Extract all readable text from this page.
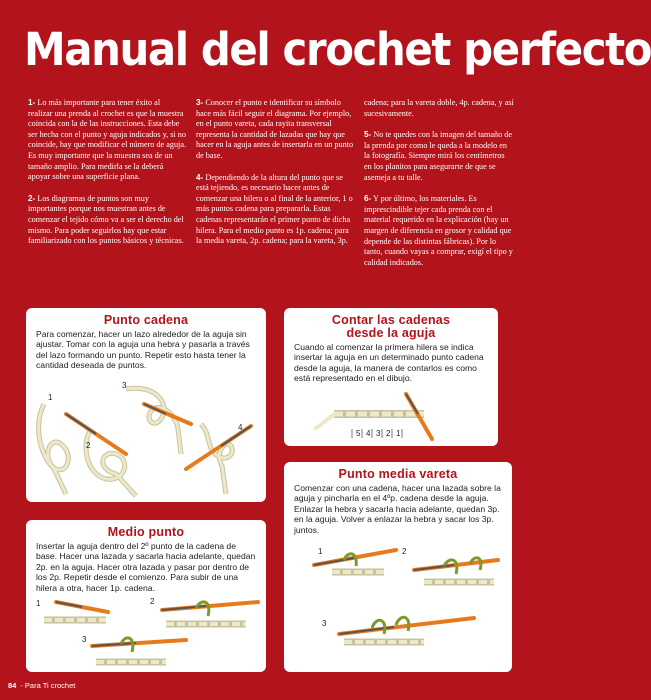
Manual del crochet perfecto

1- Lo más importante para tener éxito al realizar una prenda al crochet es que la muestra coincida con la de las instrucciones. Esta debe ser hecha con el punto y aguja indicados y, si no coincide, hay que modificar el número de aguja. Es muy importante que la muestra sea de un tamaño amplio. Para medirla se la deberá apoyar sobre una superficie plana.

2- Los diagramas de puntos son muy importantes porque nos muestran antes de comenzar el tejido cómo va a ser el derecho del mismo. Para poder seguirlos hay que estar familiarizado con los puntos básicos y técnicas.

3- Conocer el punto e identificar su símbolo hace más fácil seguir el diagrama. Por ejemplo, en el punto vareta, cada rayita transversal representa la cantidad de lazadas que hay que hacer en la aguja antes de insertarla en un punto de base.

4- Dependiendo de la altura del punto que se está tejiendo, es necesario hacer antes de comenzar una hilera o al final de la anterior, 1 o más puntos cadena para prepararla. Estas cadenas representarán el primer punto de dicha hilera. Para el medio punto es 1p. cadena; para la media vareta, 2p. cadena; para la vareta, 3p.

cadena; para la vareta doble, 4p. cadena, y así sucesivamente.

5- No te quedes con la imagen del tamaño de la prenda por como le queda a la modelo en la fotografía. Siempre mirá los centímetros en los planitos para asegurarte de que se asemeja a tu talle.

6- Y por último, los materiales. Es imprescindible tejer cada prenda con el material requerido en la explicación (hay un margen de diferencia en grosor y calidad que depende de las distintas fábricas). Por lo tanto, cuando vayas a comprar, exigí el tipo y calidad indicados.

Punto cadena
Para comenzar, hacer un lazo alrededor de la aguja sin ajustar. Tomar con la aguja una hebra y pasarla a través del lazo formando un punto. Repetir esto hasta tener la cantidad deseada de puntos.
1
2
3
4
Contar las cadenas
desde la aguja
Cuando al comenzar la primera hilera se indica insertar la aguja en un determinado punto cadena desde la aguja, la manera de contarlos es como está representado en el dibujo.
5 4 3 2 1
Punto media vareta
Comenzar con una cadena, hacer una lazada sobre la aguja y pincharla en el 4ºp. cadena desde la aguja. Enlazar la hebra y sacarla hacia adelante, quedan 3p. en la aguja. Volver a enlazar la hebra y sacar los 3p. juntos.
1	2
3
Medio punto
Insertar la aguja dentro del 2º punto de la cadena de base. Hacer una lazada y sacarla hacia adelante, quedan 2p. en la aguja. Hacer otra lazada y pasar por dentro de los 2p. Repetir desde el comienzo. Para subir de una hilera a otra, hacer 1p. cadena.
1	2
3
84 - Para Ti crochet
